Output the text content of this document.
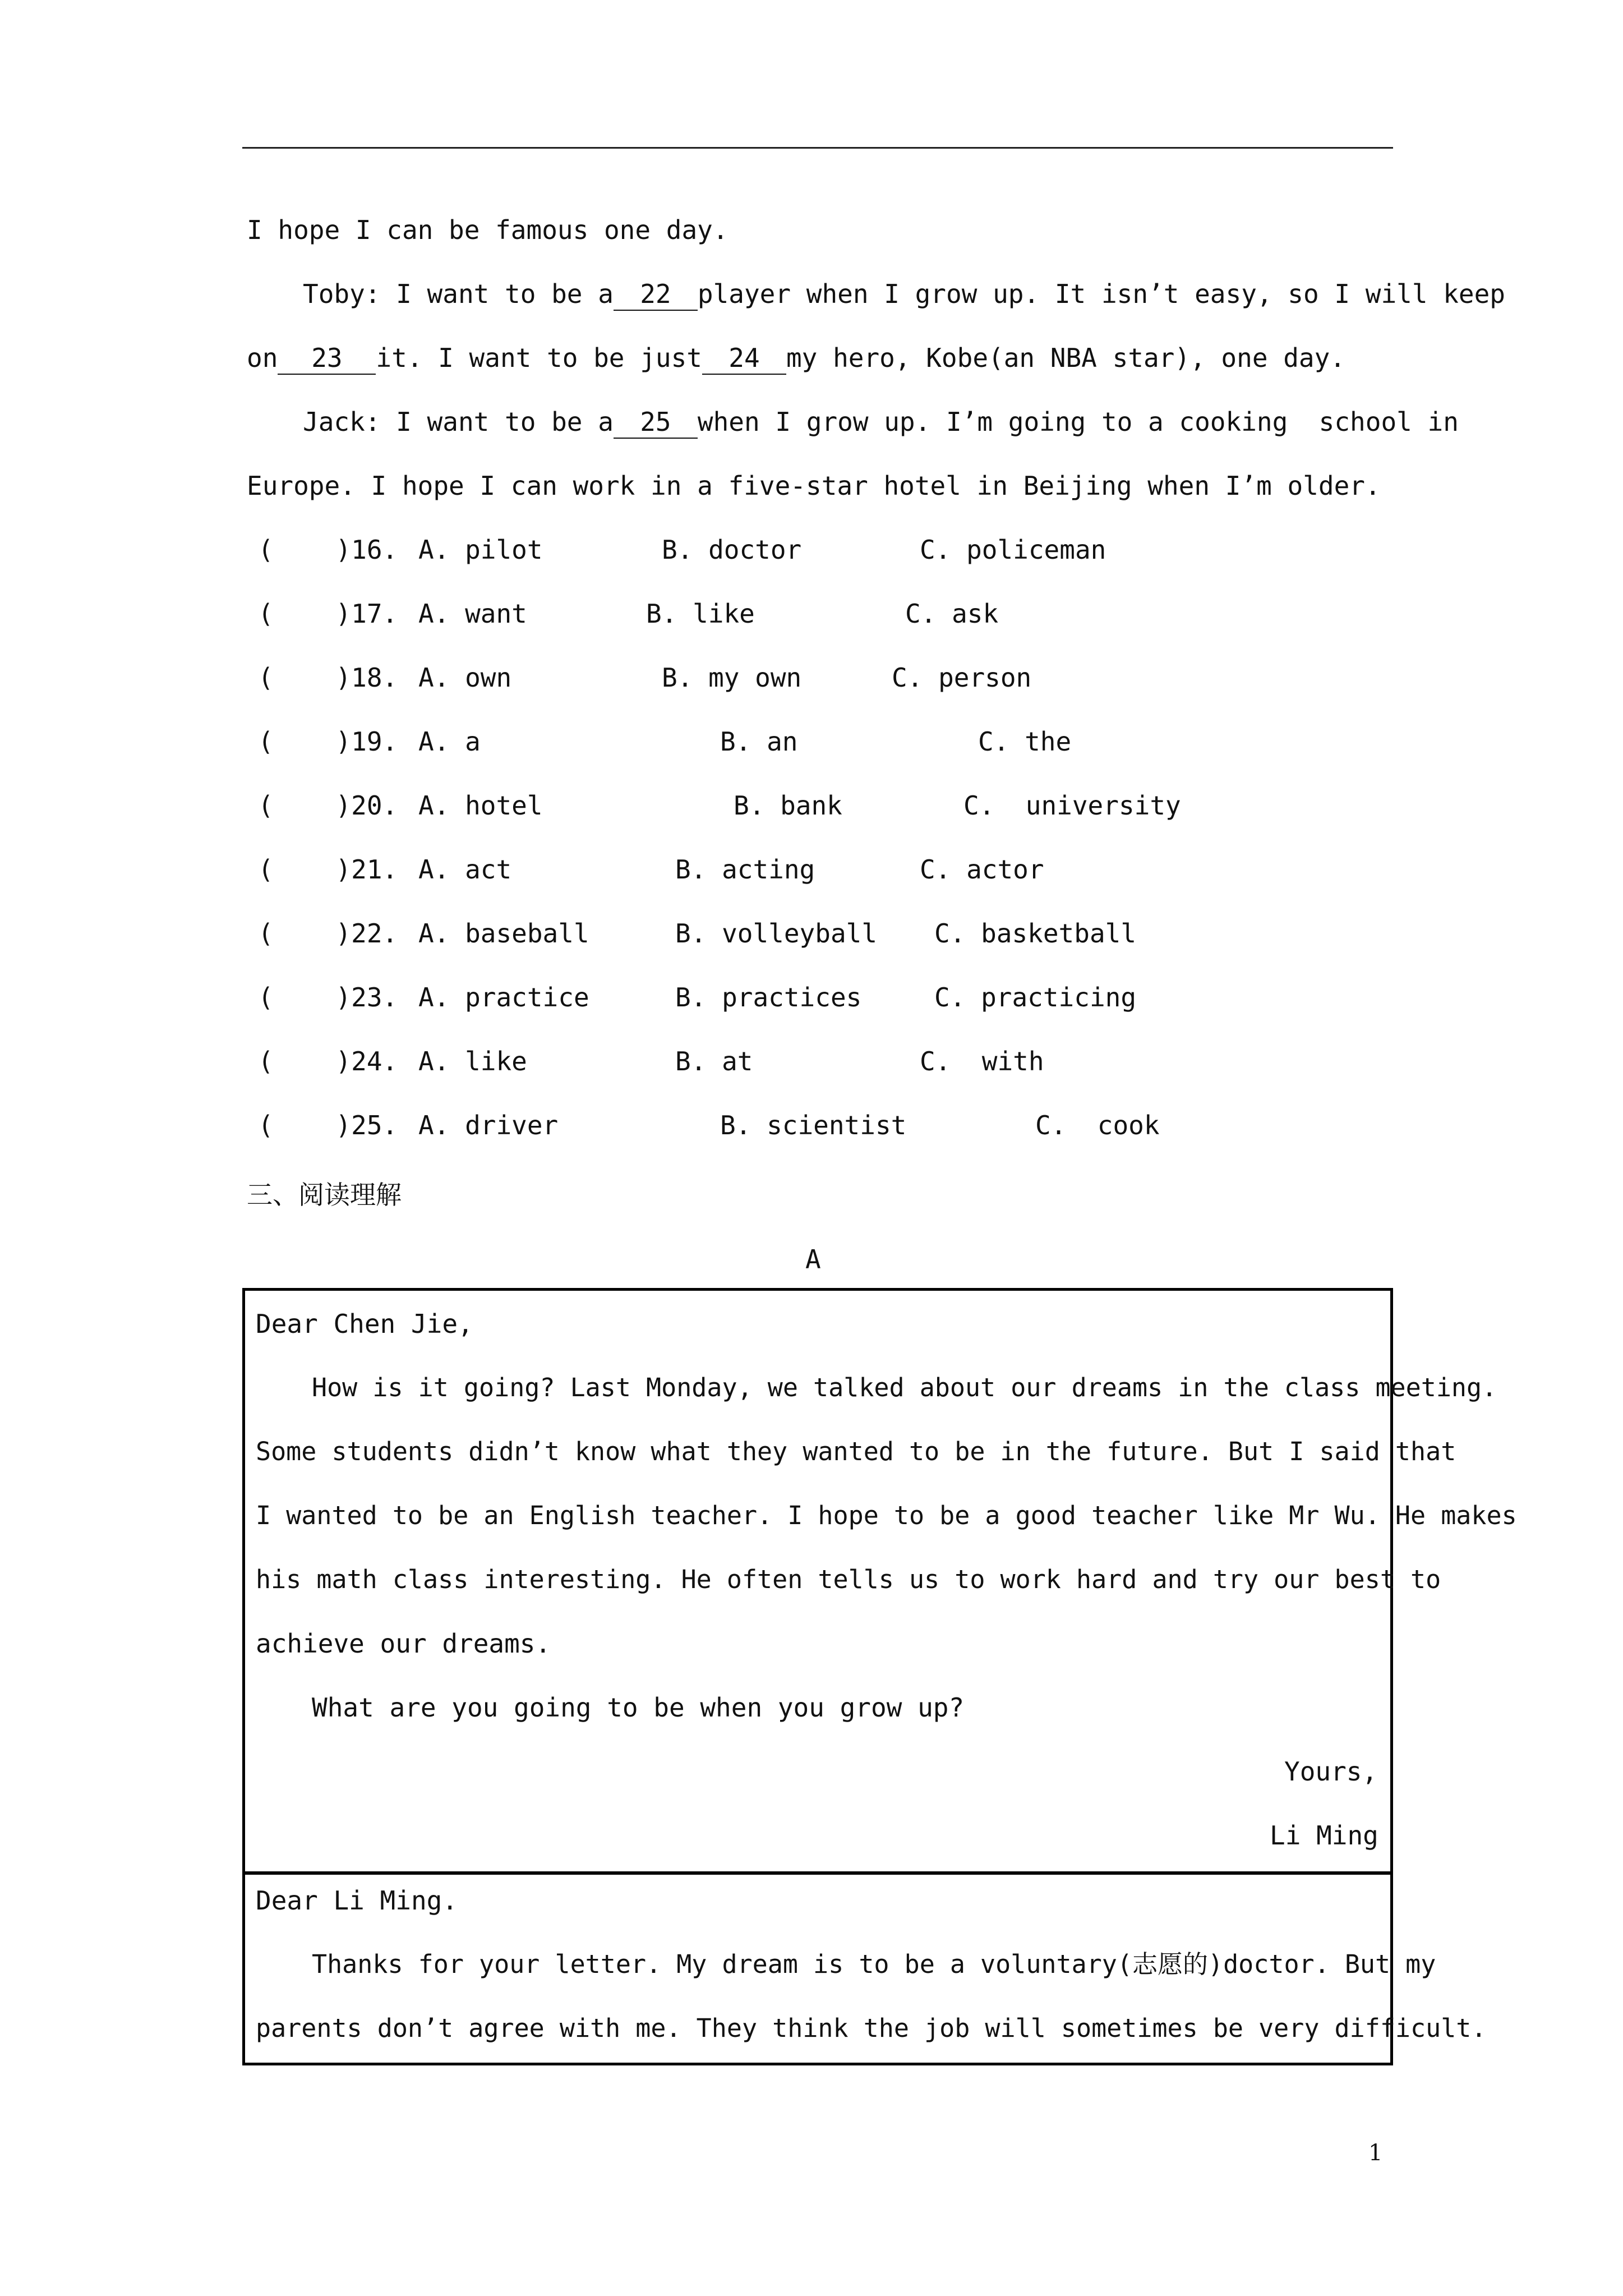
I hope I can be famous one day.
Toby: I want to be a 22 player when I grow up. It isn’t easy, so I will keep
on 23 it. I want to be just 24 my hero, Kobe(an NBA star), one day.
Jack: I want to be a 25 when I grow up. I’m going to a cooking  school in
Europe. I hope I can work in a five-star hotel in Beijing when I’m older.
(    )16. A. pilot	B. doctor	C. policeman
(    )17. A. want	B. like	C. ask
(    )18. A. own	B. my own	C. person
(    )19. A. a	B. an	C. the
(    )20. A. hotel	B. bank	C.  university
(    )21. A. act	B. acting	C. actor
(    )22. A. baseball	B. volleyball C. basketball
(    )23. A. practice	B. practices	C. practicing
(    )24. A. like	B. at	C.  with
(    )25. A. driver	B. scientist	C.  cook
三、阅读理解
A
Dear Chen Jie,
How is it going? Last Monday, we talked about our dreams in the class meeting.
Some students didn’t know what they wanted to be in the future. But I said that
I wanted to be an English teacher. I hope to be a good teacher like Mr Wu. He makes
his math class interesting. He often tells us to work hard and try our best to
achieve our dreams.
What are you going to be when you grow up?
Yours,
Li Ming
Dear Li Ming.
Thanks for your letter. My dream is to be a voluntary(志愿的)doctor. But my
parents don’t agree with me. They think the job will sometimes be very difficult.
1
